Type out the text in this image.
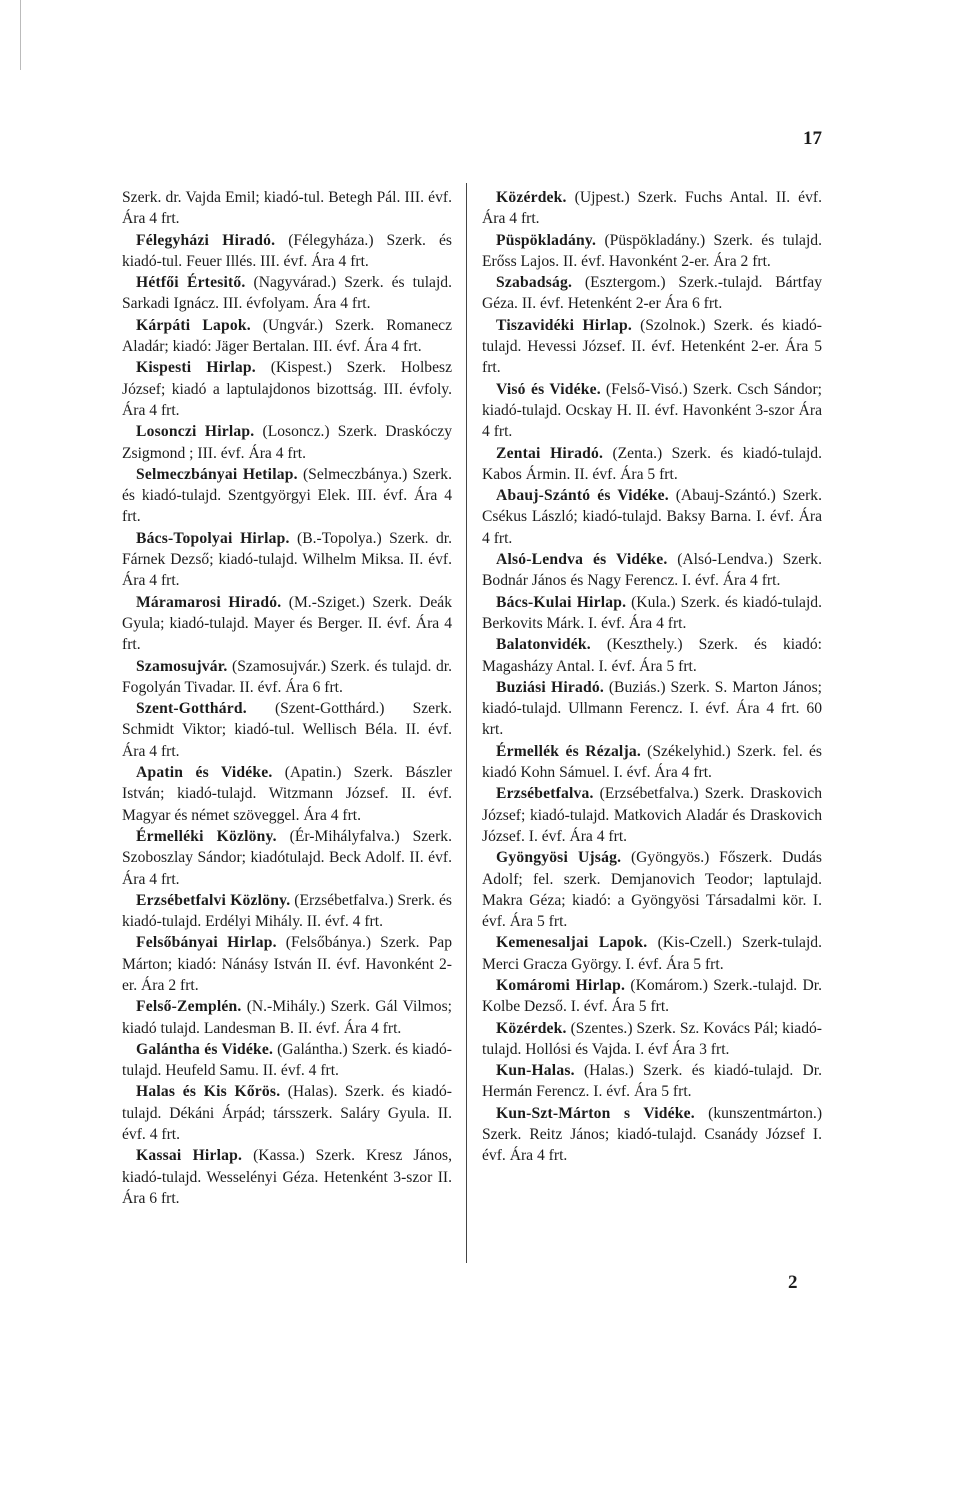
17

Szerk. dr. Vajda Emil; kiadó-tul. Betegh Pál. III. évf. Ára 4 frt.

Félegyházi Hiradó. (Félegyháza.) Szerk. és kiadó-tul. Feuer Illés. III. évf. Ára 4 frt.

Hétfői Értesitő. (Nagyvárad.) Szerk. és tulajd. Sarkadi Ignácz. III. évfolyam. Ára 4 frt.

Kárpáti Lapok. (Ungvár.) Szerk. Romanecz Aladár; kiadó: Jäger Bertalan. III. évf. Ára 4 frt.

Kispesti Hirlap. (Kispest.) Szerk. Holbesz József; kiadó a laptulajdonos bizottság. III. évfoly. Ára 4 frt.

Losonczi Hirlap. (Losoncz.) Szerk. Draskóczy Zsigmond ; III. évf. Ára 4 frt.

Selmeczbányai Hetilap. (Selmeczbánya.) Szerk. és kiadó-tulajd. Szentgyörgyi Elek. III. évf. Ára 4 frt.

Bács-Topolyai Hirlap. (B.-Topolya.) Szerk. dr. Fárnek Dezső; kiadó-tulajd. Wilhelm Miksa. II. évf. Ára 4 frt.

Máramarosi Hiradó. (M.-Sziget.) Szerk. Deák Gyula; kiadó-tulajd. Mayer és Berger. II. évf. Ára 4 frt.

Szamosujvár. (Szamosujvár.) Szerk. és tulajd. dr. Fogolyán Tivadar. II. évf. Ára 6 frt.

Szent-Gotthárd. (Szent-Gotthárd.) Szerk. Schmidt Viktor; kiadó-tul. Wellisch Béla. II. évf. Ára 4 frt.

Apatin és Vidéke. (Apatin.) Szerk. Bászler István; kiadó-tulajd. Witzmann József. II. évf. Magyar és német szöveggel. Ára 4 frt.

Érmelléki Közlöny. (Ér-Mihályfalva.) Szerk. Szoboszlay Sándor; kiadótulajd. Beck Adolf. II. évf. Ára 4 frt.

Erzsébetfalvi Közlöny. (Erzsébetfalva.) Srerk. és kiadó-tulajd. Erdélyi Mihály. II. évf. 4 frt.

Felsőbányai Hirlap. (Felsőbánya.) Szerk. Pap Márton; kiadó: Nánásy István II. évf. Havonként 2-er. Ára 2 frt.

Felső-Zemplén. (N.-Mihály.) Szerk. Gál Vilmos; kiadó tulajd. Landesman B. II. évf. Ára 4 frt.

Galántha és Vidéke. (Galántha.) Szerk. és kiadó-tulajd. Heufeld Samu. II. évf. 4 frt.

Halas és Kis Kőrös. (Halas). Szerk. és kiadó-tulajd. Dékáni Árpád; társszerk. Saláry Gyula. II. évf. 4 frt.

Kassai Hirlap. (Kassa.) Szerk. Kresz János, kiadó-tulajd. Wesselényi Géza. Hetenként 3-szor II. Ára 6 frt.

Közérdek. (Ujpest.) Szerk. Fuchs Antal. II. évf. Ára 4 frt.

Püspökladány. (Püspökladány.) Szerk. és tulajd. Erőss Lajos. II. évf. Havonként 2-er. Ára 2 frt.

Szabadság. (Esztergom.) Szerk.-tulajd. Bártfay Géza. II. évf. Hetenként 2-er Ára 6 frt.

Tiszavidéki Hirlap. (Szolnok.) Szerk. és kiadó-tulajd. Hevessi József. II. évf. Hetenként 2-er. Ára 5 frt.

Visó és Vidéke. (Felső-Visó.) Szerk. Csch Sándor; kiadó-tulajd. Ocskay H. II. évf. Havonként 3-szor Ára 4 frt.

Zentai Hiradó. (Zenta.) Szerk. és kiadó-tulajd. Kabos Ármin. II. évf. Ára 5 frt.

Abauj-Szántó és Vidéke. (Abauj-Szántó.) Szerk. Csékus László; kiadó-tulajd. Baksy Barna. I. évf. Ára 4 frt.

Alsó-Lendva és Vidéke. (Alsó-Lendva.) Szerk. Bodnár János és Nagy Ferencz. I. évf. Ára 4 frt.

Bács-Kulai Hirlap. (Kula.) Szerk. és kiadó-tulajd. Berkovits Márk. I. évf. Ára 4 frt.

Balatonvidék. (Keszthely.) Szerk. és kiadó: Magasházy Antal. I. évf. Ára 5 frt.

Buziási Hiradó. (Buziás.) Szerk. S. Marton János; kiadó-tulajd. Ullmann Ferencz. I. évf. Ára 4 frt. 60 krt.

Érmellék és Rézalja. (Székelyhid.) Szerk. fel. és kiadó Kohn Sámuel. I. évf. Ára 4 frt.

Erzsébetfalva. (Erzsébetfalva.) Szerk. Draskovich József; kiadó-tulajd. Matkovich Aladár és Draskovich József. I. évf. Ára 4 frt.

Gyöngyösi Ujság. (Gyöngyös.) Főszerk. Dudás Adolf; fel. szerk. Demjanovich Teodor; laptulajd. Makra Géza; kiadó: a Gyöngyösi Társadalmi kör. I. évf. Ára 5 frt.

Kemenesaljai Lapok. (Kis-Czell.) Szerk-tulajd. Merci Gracza György. I. évf. Ára 5 frt.

Komáromi Hirlap. (Komárom.) Szerk.-tulajd. Dr. Kolbe Dezső. I. évf. Ára 5 frt.

Közérdek. (Szentes.) Szerk. Sz. Kovács Pál; kiadó-tulajd. Hollósi és Vajda. I. évf Ára 3 frt.

Kun-Halas. (Halas.) Szerk. és kiadó-tulajd. Dr. Hermán Ferencz. I. évf. Ára 5 frt.

Kun-Szt-Márton s Vidéke. (kunszentmárton.) Szerk. Reitz János; kiadó-tulajd. Csanády József I. évf. Ára 4 frt.

2
